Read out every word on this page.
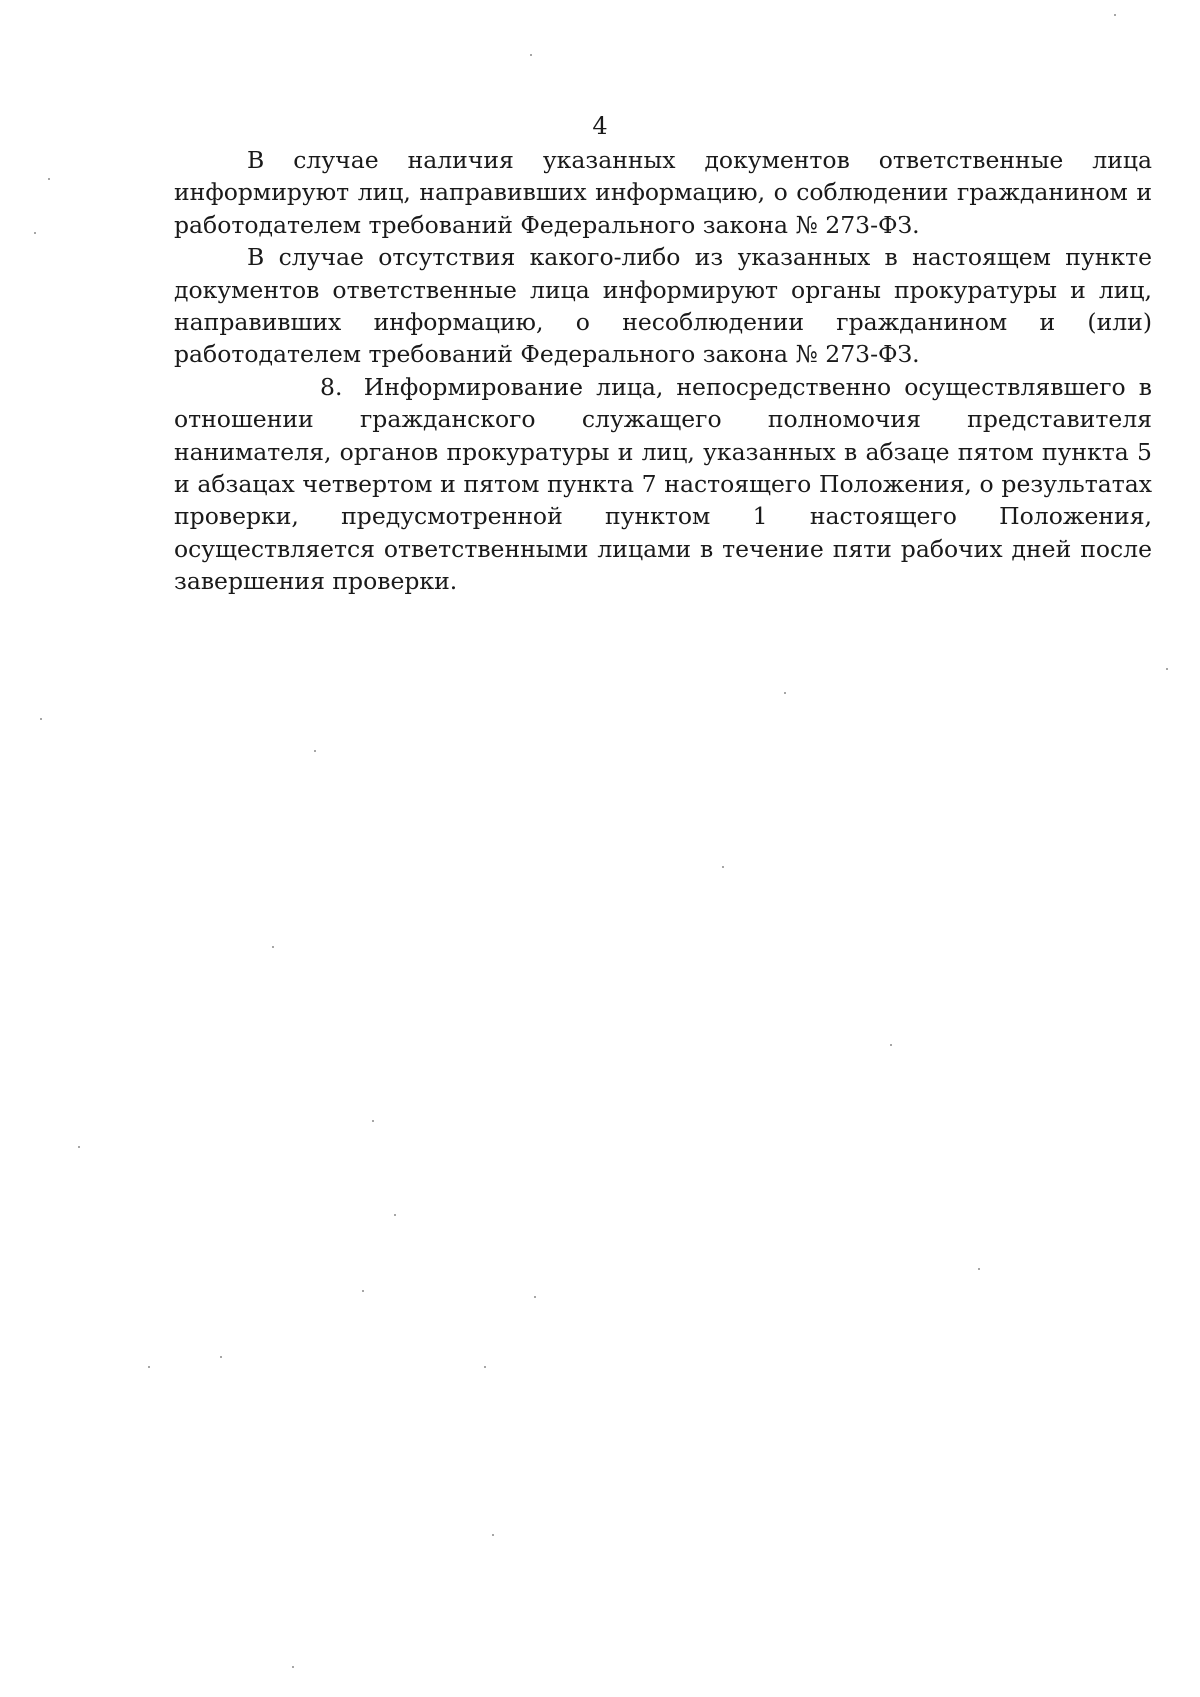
4

В случае наличия указанных документов ответственные лица информируют лиц, направивших информацию, о соблюдении гражданином и работодателем требований Федерального закона № 273-ФЗ.

В случае отсутствия какого-либо из указанных в настоящем пункте документов ответственные лица информируют органы прокуратуры и лиц, направивших информацию, о несоблюдении гражданином и (или) работодателем требований Федерального закона № 273-ФЗ.

8. Информирование лица, непосредственно осуществлявшего в отношении гражданского служащего полномочия представителя нанимателя, органов прокуратуры и лиц, указанных в абзаце пятом пункта 5 и абзацах четвертом и пятом пункта 7 настоящего Положения, о результатах проверки, предусмотренной пунктом 1 настоящего Положения, осуществляется ответственными лицами в течение пяти рабочих дней после завершения проверки.
